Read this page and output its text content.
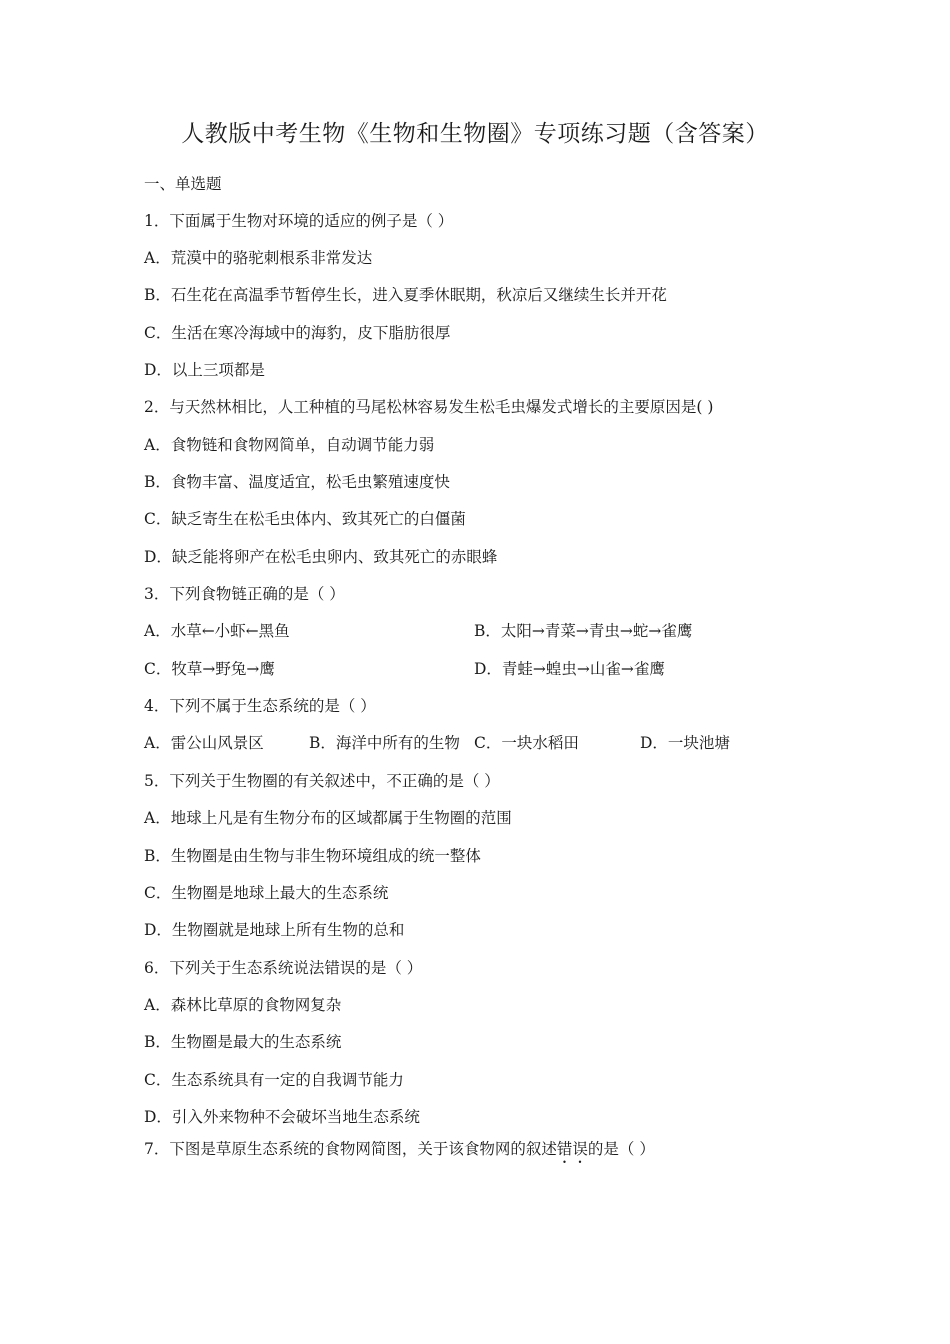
人教版中考生物《生物和生物圈》专项练习题（含答案）
一、单选题
1．下面属于生物对环境的适应的例子是（ ）
A．荒漠中的骆驼刺根系非常发达
B．石生花在高温季节暂停生长，进入夏季休眠期，秋凉后又继续生长并开花
C．生活在寒冷海域中的海豹，皮下脂肪很厚
D．以上三项都是
2．与天然林相比，人工种植的马尾松林容易发生松毛虫爆发式增长的主要原因是( )
A．食物链和食物网简单，自动调节能力弱
B．食物丰富、温度适宜，松毛虫繁殖速度快
C．缺乏寄生在松毛虫体内、致其死亡的白僵菌
D．缺乏能将卵产在松毛虫卵内、致其死亡的赤眼蜂
3．下列食物链正确的是（ ）
A．水草←小虾←黑鱼	B．太阳→青菜→青虫→蛇→雀鹰
C．牧草→野兔→鹰	D．青蛙→蝗虫→山雀→雀鹰
4．下列不属于生态系统的是（ ）
A．雷公山风景区	B．海洋中所有的生物 C．一块水稻田	D．一块池塘
5．下列关于生物圈的有关叙述中，不正确的是（ ）
A．地球上凡是有生物分布的区域都属于生物圈的范围
B．生物圈是由生物与非生物环境组成的统一整体
C．生物圈是地球上最大的生态系统
D．生物圈就是地球上所有生物的总和
6．下列关于生态系统说法错误的是（ ）
A．森林比草原的食物网复杂
B．生物圈是最大的生态系统
C．生态系统具有一定的自我调节能力
D．引入外来物种不会破坏当地生态系统
7．下图是草原生态系统的食物网简图，关于该食物网的叙述错误的是（ ）
